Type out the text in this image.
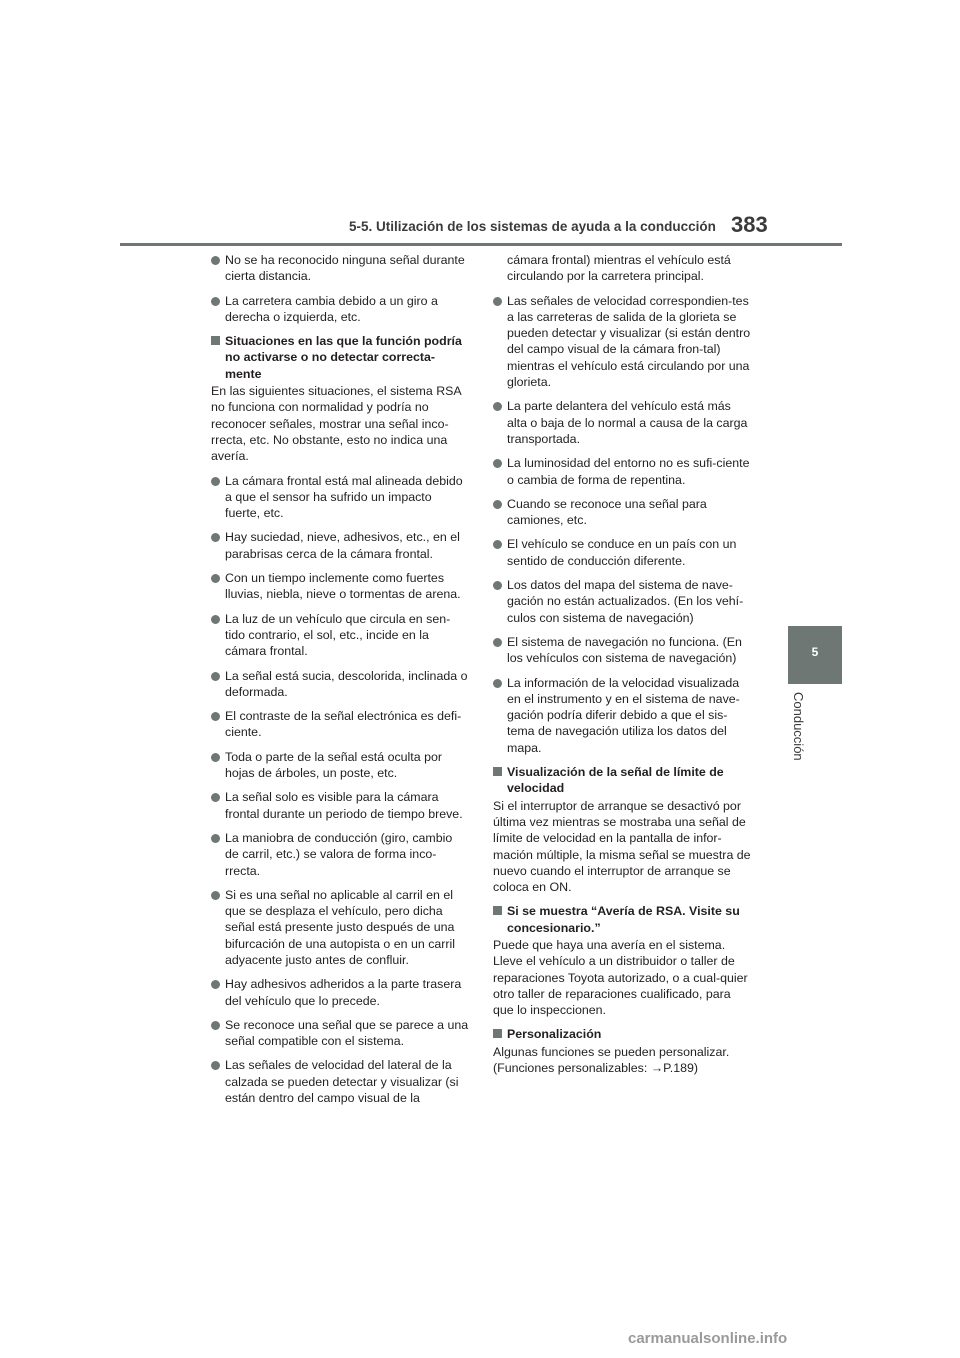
5-5. Utilización de los sistemas de ayuda a la conducción 383
5
Conducción
No se ha reconocido ninguna señal durante cierta distancia.
La carretera cambia debido a un giro a derecha o izquierda, etc.
Situaciones en las que la función podría no activarse o no detectar correcta-mente
En las siguientes situaciones, el sistema RSA no funciona con normalidad y podría no reconocer señales, mostrar una señal inco-rrecta, etc. No obstante, esto no indica una avería.
La cámara frontal está mal alineada debido a que el sensor ha sufrido un impacto fuerte, etc.
Hay suciedad, nieve, adhesivos, etc., en el parabrisas cerca de la cámara frontal.
Con un tiempo inclemente como fuertes lluvias, niebla, nieve o tormentas de arena.
La luz de un vehículo que circula en sen-tido contrario, el sol, etc., incide en la cámara frontal.
La señal está sucia, descolorida, inclinada o deformada.
El contraste de la señal electrónica es defi-ciente.
Toda o parte de la señal está oculta por hojas de árboles, un poste, etc.
La señal solo es visible para la cámara frontal durante un periodo de tiempo breve.
La maniobra de conducción (giro, cambio de carril, etc.) se valora de forma inco-rrecta.
Si es una señal no aplicable al carril en el que se desplaza el vehículo, pero dicha señal está presente justo después de una bifurcación de una autopista o en un carril adyacente justo antes de confluir.
Hay adhesivos adheridos a la parte trasera del vehículo que lo precede.
Se reconoce una señal que se parece a una señal compatible con el sistema.
Las señales de velocidad del lateral de la calzada se pueden detectar y visualizar (si están dentro del campo visual de la
cámara frontal) mientras el vehículo está circulando por la carretera principal.
Las señales de velocidad correspondien-tes a las carreteras de salida de la glorieta se pueden detectar y visualizar (si están dentro del campo visual de la cámara fron-tal) mientras el vehículo está circulando por una glorieta.
La parte delantera del vehículo está más alta o baja de lo normal a causa de la carga transportada.
La luminosidad del entorno no es sufi-ciente o cambia de forma de repentina.
Cuando se reconoce una señal para camiones, etc.
El vehículo se conduce en un país con un sentido de conducción diferente.
Los datos del mapa del sistema de nave-gación no están actualizados. (En los vehí-culos con sistema de navegación)
El sistema de navegación no funciona. (En los vehículos con sistema de navegación)
La información de la velocidad visualizada en el instrumento y en el sistema de nave-gación podría diferir debido a que el sis-tema de navegación utiliza los datos del mapa.
Visualización de la señal de límite de velocidad
Si el interruptor de arranque se desactivó por última vez mientras se mostraba una señal de límite de velocidad en la pantalla de infor-mación múltiple, la misma señal se muestra de nuevo cuando el interruptor de arranque se coloca en ON.
Si se muestra “Avería de RSA. Visite su concesionario.”
Puede que haya una avería en el sistema. Lleve el vehículo a un distribuidor o taller de reparaciones Toyota autorizado, o a cual-quier otro taller de reparaciones cualificado, para que lo inspeccionen.
Personalización
Algunas funciones se pueden personalizar. (Funciones personalizables: →P.189)
carmanualsonline.info
